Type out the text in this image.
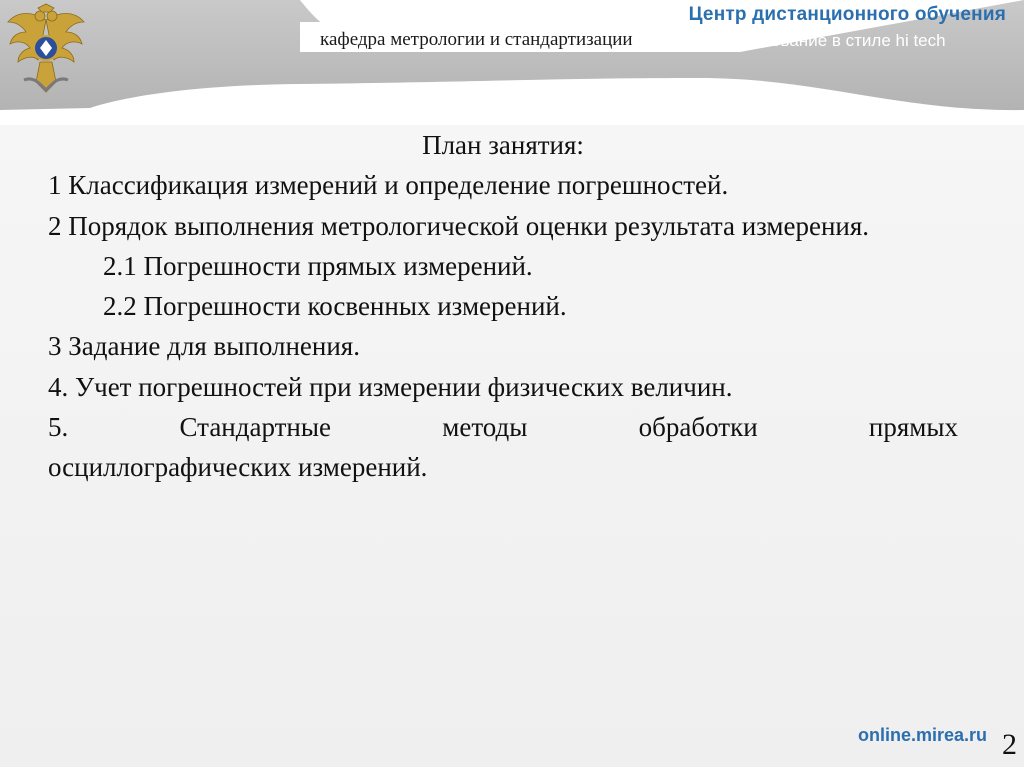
Центр дистанционного обучения
кафедра метрологии и стандартизации	бразование в стиле hi tech
План занятия:
1 Классификация измерений и определение погрешностей.
2 Порядок выполнения метрологической оценки результата измерения.
2.1 Погрешности прямых измерений.
2.2 Погрешности косвенных измерений.
3 Задание для выполнения.
4. Учет погрешностей при измерении физических величин.
5.	Стандартные	методы	обработки	прямых
осциллографических измерений.
online.mirea.ru 2
